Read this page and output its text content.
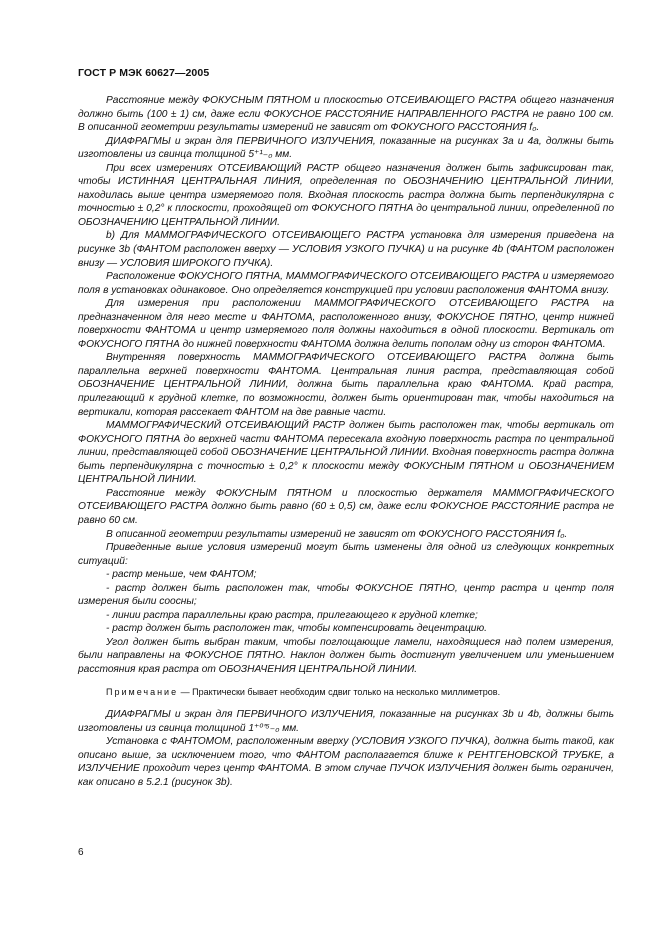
ГОСТ Р МЭК 60627—2005

Расстояние между ФОКУСНЫМ ПЯТНОМ и плоскостью ОТСЕИВАЮЩЕГО РАСТРА общего назначения должно быть (100 ± 1) см, даже если ФОКУСНОЕ РАССТОЯНИЕ НАПРАВЛЕННОГО РАСТРА не равно 100 см. В описанной геометрии результаты измерений не зависят от ФОКУСНОГО РАССТОЯНИЯ f₀.

ДИАФРАГМЫ и экран для ПЕРВИЧНОГО ИЗЛУЧЕНИЯ, показанные на рисунках 3а и 4а, должны быть изготовлены из свинца толщиной 5⁺¹₋₀ мм.

При всех измерениях ОТСЕИВАЮЩИЙ РАСТР общего назначения должен быть зафиксирован так, чтобы ИСТИННАЯ ЦЕНТРАЛЬНАЯ ЛИНИЯ, определенная по ОБОЗНАЧЕНИЮ ЦЕНТРАЛЬНОЙ ЛИНИИ, находилась выше центра измеряемого поля. Входная плоскость растра должна быть перпендикулярна с точностью ± 0,2° к плоскости, проходящей от ФОКУСНОГО ПЯТНА до центральной линии, определенной по ОБОЗНАЧЕНИЮ ЦЕНТРАЛЬНОЙ ЛИНИИ.

b) Для МАММОГРАФИЧЕСКОГО ОТСЕИВАЮЩЕГО РАСТРА установка для измерения приведена на рисунке 3b (ФАНТОМ расположен вверху — УСЛОВИЯ УЗКОГО ПУЧКА) и на рисунке 4b (ФАНТОМ расположен внизу — УСЛОВИЯ ШИРОКОГО ПУЧКА).

Расположение ФОКУСНОГО ПЯТНА, МАММОГРАФИЧЕСКОГО ОТСЕИВАЮЩЕГО РАСТРА и измеряемого поля в установках одинаковое. Оно определяется конструкцией при условии расположения ФАНТОМА внизу.

Для измерения при расположении МАММОГРАФИЧЕСКОГО ОТСЕИВАЮЩЕГО РАСТРА на предназначенном для него месте и ФАНТОМА, расположенного внизу, ФОКУСНОЕ ПЯТНО, центр нижней поверхности ФАНТОМА и центр измеряемого поля должны находиться в одной плоскости. Вертикаль от ФОКУСНОГО ПЯТНА до нижней поверхности ФАНТОМА должна делить пополам одну из сторон ФАНТОМА.

Внутренняя поверхность МАММОГРАФИЧЕСКОГО ОТСЕИВАЮЩЕГО РАСТРА должна быть параллельна верхней поверхности ФАНТОМА. Центральная линия растра, представляющая собой ОБОЗНАЧЕНИЕ ЦЕНТРАЛЬНОЙ ЛИНИИ, должна быть параллельна краю ФАНТОМА. Край растра, прилегающий к грудной клетке, по возможности, должен быть ориентирован так, чтобы находиться на вертикали, которая рассекает ФАНТОМ на две равные части.

МАММОГРАФИЧЕСКИЙ ОТСЕИВАЮЩИЙ РАСТР должен быть расположен так, чтобы вертикаль от ФОКУСНОГО ПЯТНА до верхней части ФАНТОМА пересекала входную поверхность растра по центральной линии, представляющей собой ОБОЗНАЧЕНИЕ ЦЕНТРАЛЬНОЙ ЛИНИИ. Входная поверхность растра должна быть перпендикулярна с точностью ± 0,2° к плоскости между ФОКУСНЫМ ПЯТНОМ и ОБОЗНАЧЕНИЕМ ЦЕНТРАЛЬНОЙ ЛИНИИ.

Расстояние между ФОКУСНЫМ ПЯТНОМ и плоскостью держателя МАММОГРАФИЧЕСКОГО ОТСЕИВАЮЩЕГО РАСТРА должно быть равно (60 ± 0,5) см, даже если ФОКУСНОЕ РАССТОЯНИЕ растра не равно 60 см.

В описанной геометрии результаты измерений не зависят от ФОКУСНОГО РАССТОЯНИЯ f₀.

Приведенные выше условия измерений могут быть изменены для одной из следующих конкретных ситуаций:

- растр меньше, чем ФАНТОМ;

- растр должен быть расположен так, чтобы ФОКУСНОЕ ПЯТНО, центр растра и центр поля измерения были соосны;

- линии растра параллельны краю растра, прилегающего к грудной клетке;

- растр должен быть расположен так, чтобы компенсировать децентрацию.

Угол должен быть выбран таким, чтобы поглощающие ламели, находящиеся над полем измерения, были направлены на ФОКУСНОЕ ПЯТНО. Наклон должен быть достигнут увеличением или уменьшением расстояния края растра от ОБОЗНАЧЕНИЯ ЦЕНТРАЛЬНОЙ ЛИНИИ.

Примечание — Практически бывает необходим сдвиг только на несколько миллиметров.

ДИАФРАГМЫ и экран для ПЕРВИЧНОГО ИЗЛУЧЕНИЯ, показанные на рисунках 3b и 4b, должны быть изготовлены из свинца толщиной 1⁺⁰'⁵₋₀ мм.

Установка с ФАНТОМОМ, расположенным вверху (УСЛОВИЯ УЗКОГО ПУЧКА), должна быть такой, как описано выше, за исключением того, что ФАНТОМ располагается ближе к РЕНТГЕНОВСКОЙ ТРУБКЕ, а ИЗЛУЧЕНИЕ проходит через центр ФАНТОМА. В этом случае ПУЧОК ИЗЛУЧЕНИЯ должен быть ограничен, как описано в 5.2.1 (рисунок 3b).

6
